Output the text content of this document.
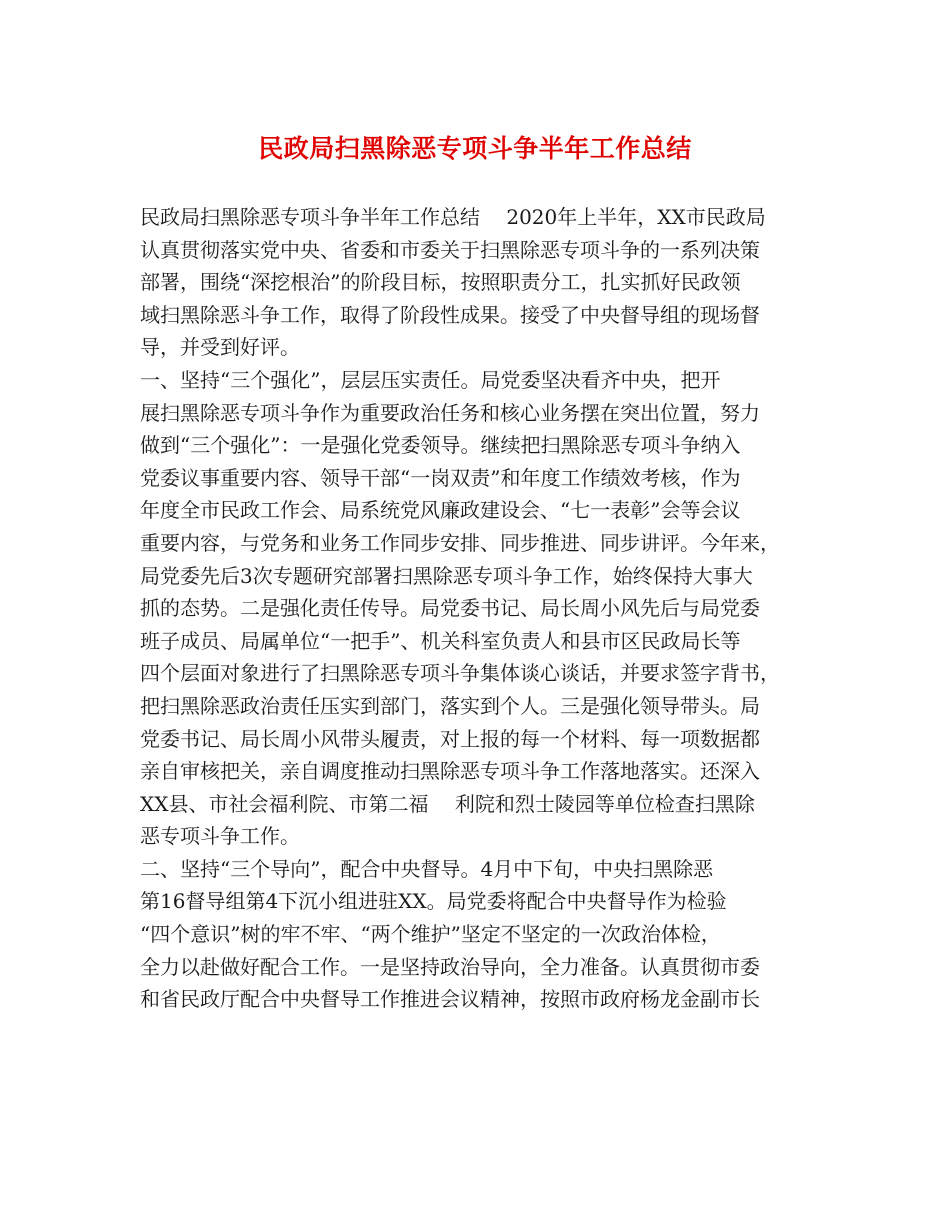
民政局扫黑除恶专项斗争半年工作总结
民政局扫黑除恶专项斗争半年工作总结　 2020年上半年，XX市民政局
认真贯彻落实党中央、省委和市委关于扫黑除恶专项斗争的一系列决策
部署，围绕“深挖根治”的阶段目标，按照职责分工，扎实抓好民政领
域扫黑除恶斗争工作，取得了阶段性成果。接受了中央督导组的现场督
导，并受到好评。
一、坚持“三个强化”，层层压实责任。局党委坚决看齐中央，把开
展扫黑除恶专项斗争作为重要政治任务和核心业务摆在突出位置，努力
做到“三个强化”：一是强化党委领导。继续把扫黑除恶专项斗争纳入
党委议事重要内容、领导干部“一岗双责”和年度工作绩效考核，作为
年度全市民政工作会、局系统党风廉政建设会、“七一表彰”会等会议
重要内容，与党务和业务工作同步安排、同步推进、同步讲评。今年来，
局党委先后3次专题研究部署扫黑除恶专项斗争工作，始终保持大事大
抓的态势。二是强化责任传导。局党委书记、局长周小风先后与局党委
班子成员、局属单位“一把手”、机关科室负责人和县市区民政局长等
四个层面对象进行了扫黑除恶专项斗争集体谈心谈话，并要求签字背书，
把扫黑除恶政治责任压实到部门，落实到个人。三是强化领导带头。局
党委书记、局长周小风带头履责，对上报的每一个材料、每一项数据都
亲自审核把关，亲自调度推动扫黑除恶专项斗争工作落地落实。还深入
XX县、市社会福利院、市第二福　 利院和烈士陵园等单位检查扫黑除
恶专项斗争工作。
二、坚持“三个导向”，配合中央督导。4月中下旬，中央扫黑除恶
第16督导组第4下沉小组进驻XX。局党委将配合中央督导作为检验
“四个意识”树的牢不牢、“两个维护”坚定不坚定的一次政治体检，
全力以赴做好配合工作。一是坚持政治导向，全力准备。认真贯彻市委
和省民政厅配合中央督导工作推进会议精神，按照市政府杨龙金副市长
